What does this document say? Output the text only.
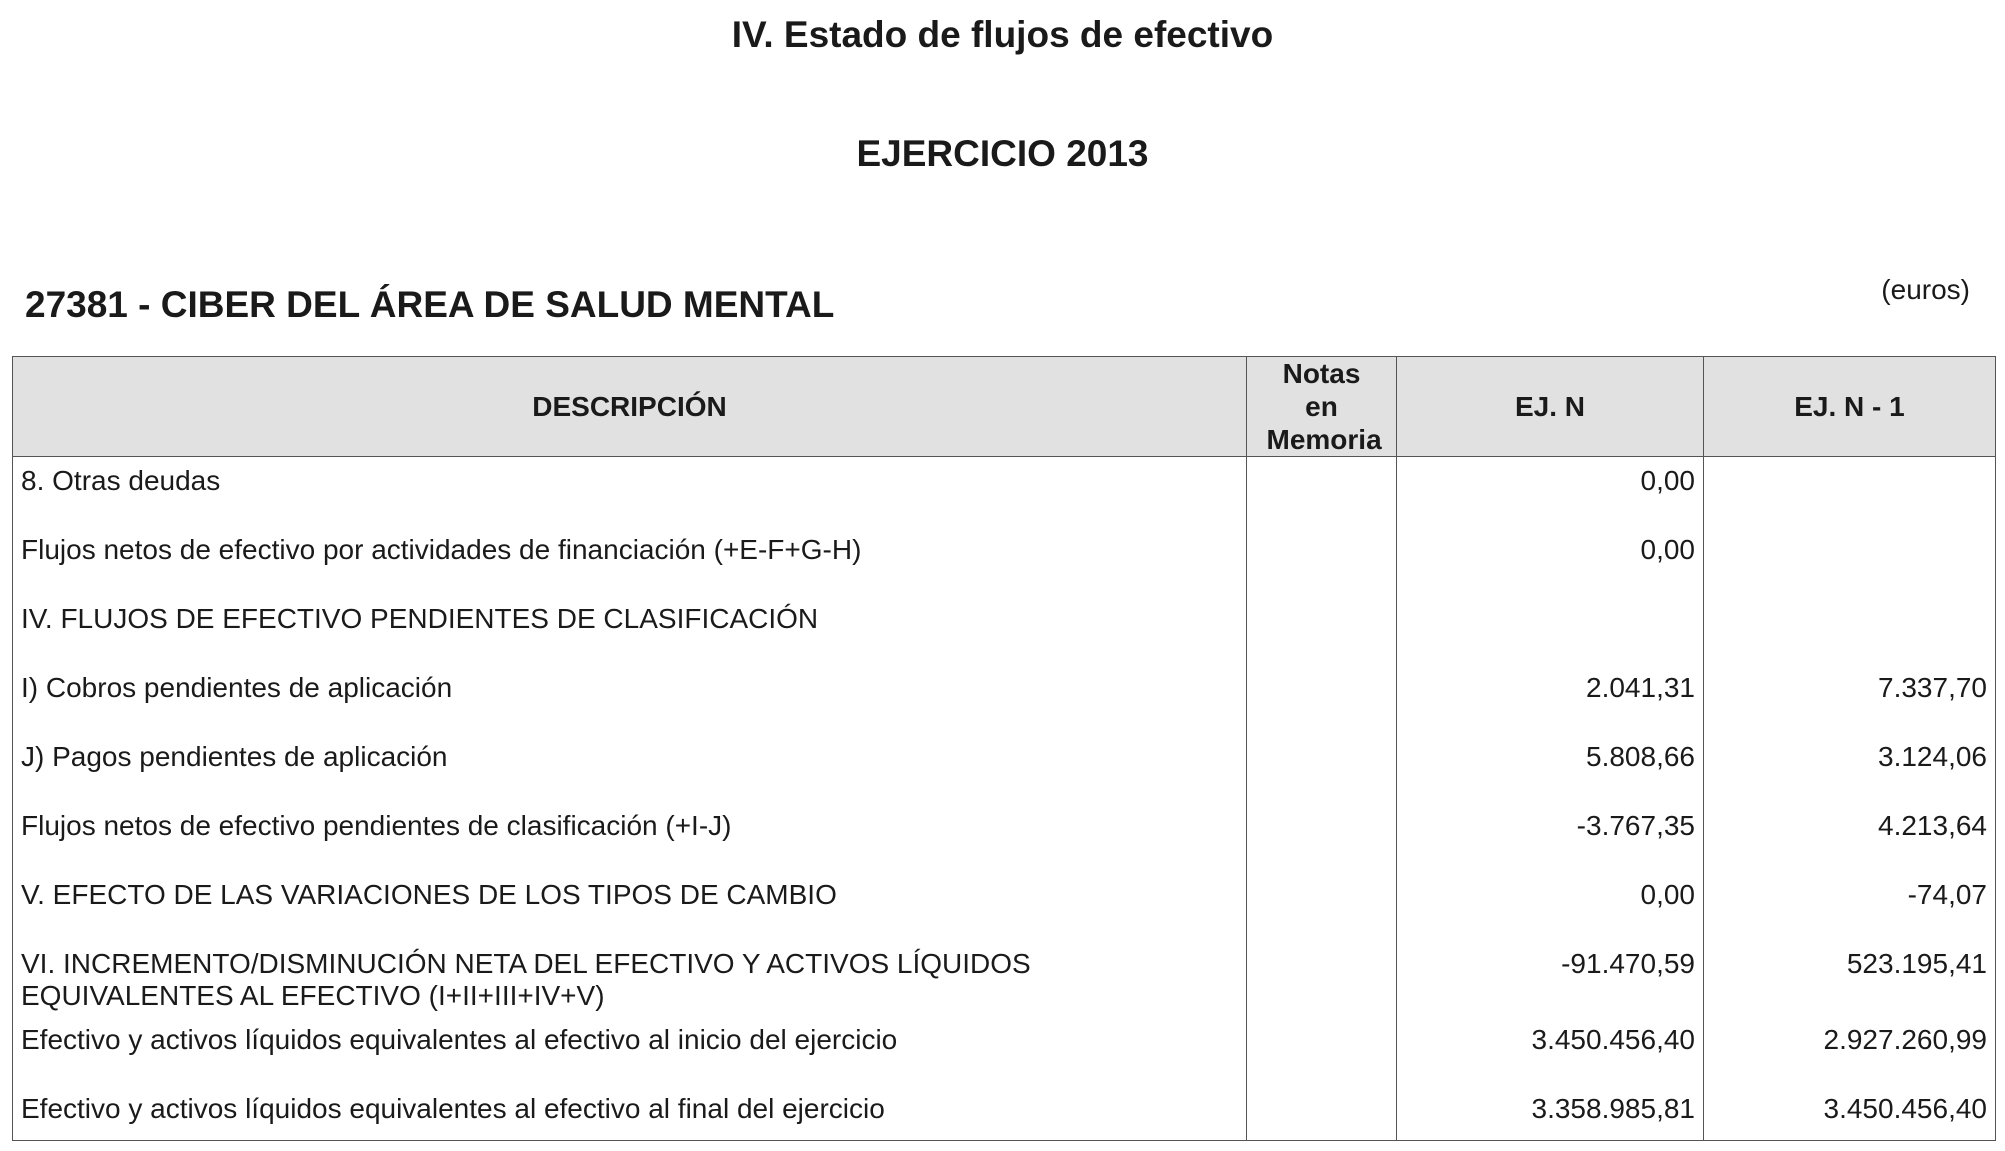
IV. Estado de flujos de efectivo
EJERCICIO 2013
27381 - CIBER DEL ÁREA DE SALUD MENTAL	(euros)
DESCRIPCIÓN	Notas en Memoria	EJ. N	EJ. N - 1
8. Otras deudas		0,00	
Flujos netos de efectivo por actividades de financiación (+E-F+G-H)		0,00	
IV. FLUJOS DE EFECTIVO PENDIENTES DE CLASIFICACIÓN			
I) Cobros pendientes de aplicación		2.041,31	7.337,70
J) Pagos pendientes de aplicación		5.808,66	3.124,06
Flujos netos de efectivo pendientes de clasificación (+I-J)		-3.767,35	4.213,64
V. EFECTO DE LAS VARIACIONES DE LOS TIPOS DE CAMBIO		0,00	-74,07

VI. INCREMENTO/DISMINUCIÓN NETA DEL EFECTIVO Y ACTIVOS LÍQUIDOS
EQUIVALENTES AL EFECTIVO (I+II+III+IV+V)		-91.470,59	523.195,41
Efectivo y activos líquidos equivalentes al efectivo al inicio del ejercicio		3.450.456,40	2.927.260,99
Efectivo y activos líquidos equivalentes al efectivo al final del ejercicio		3.358.985,81	3.450.456,40
